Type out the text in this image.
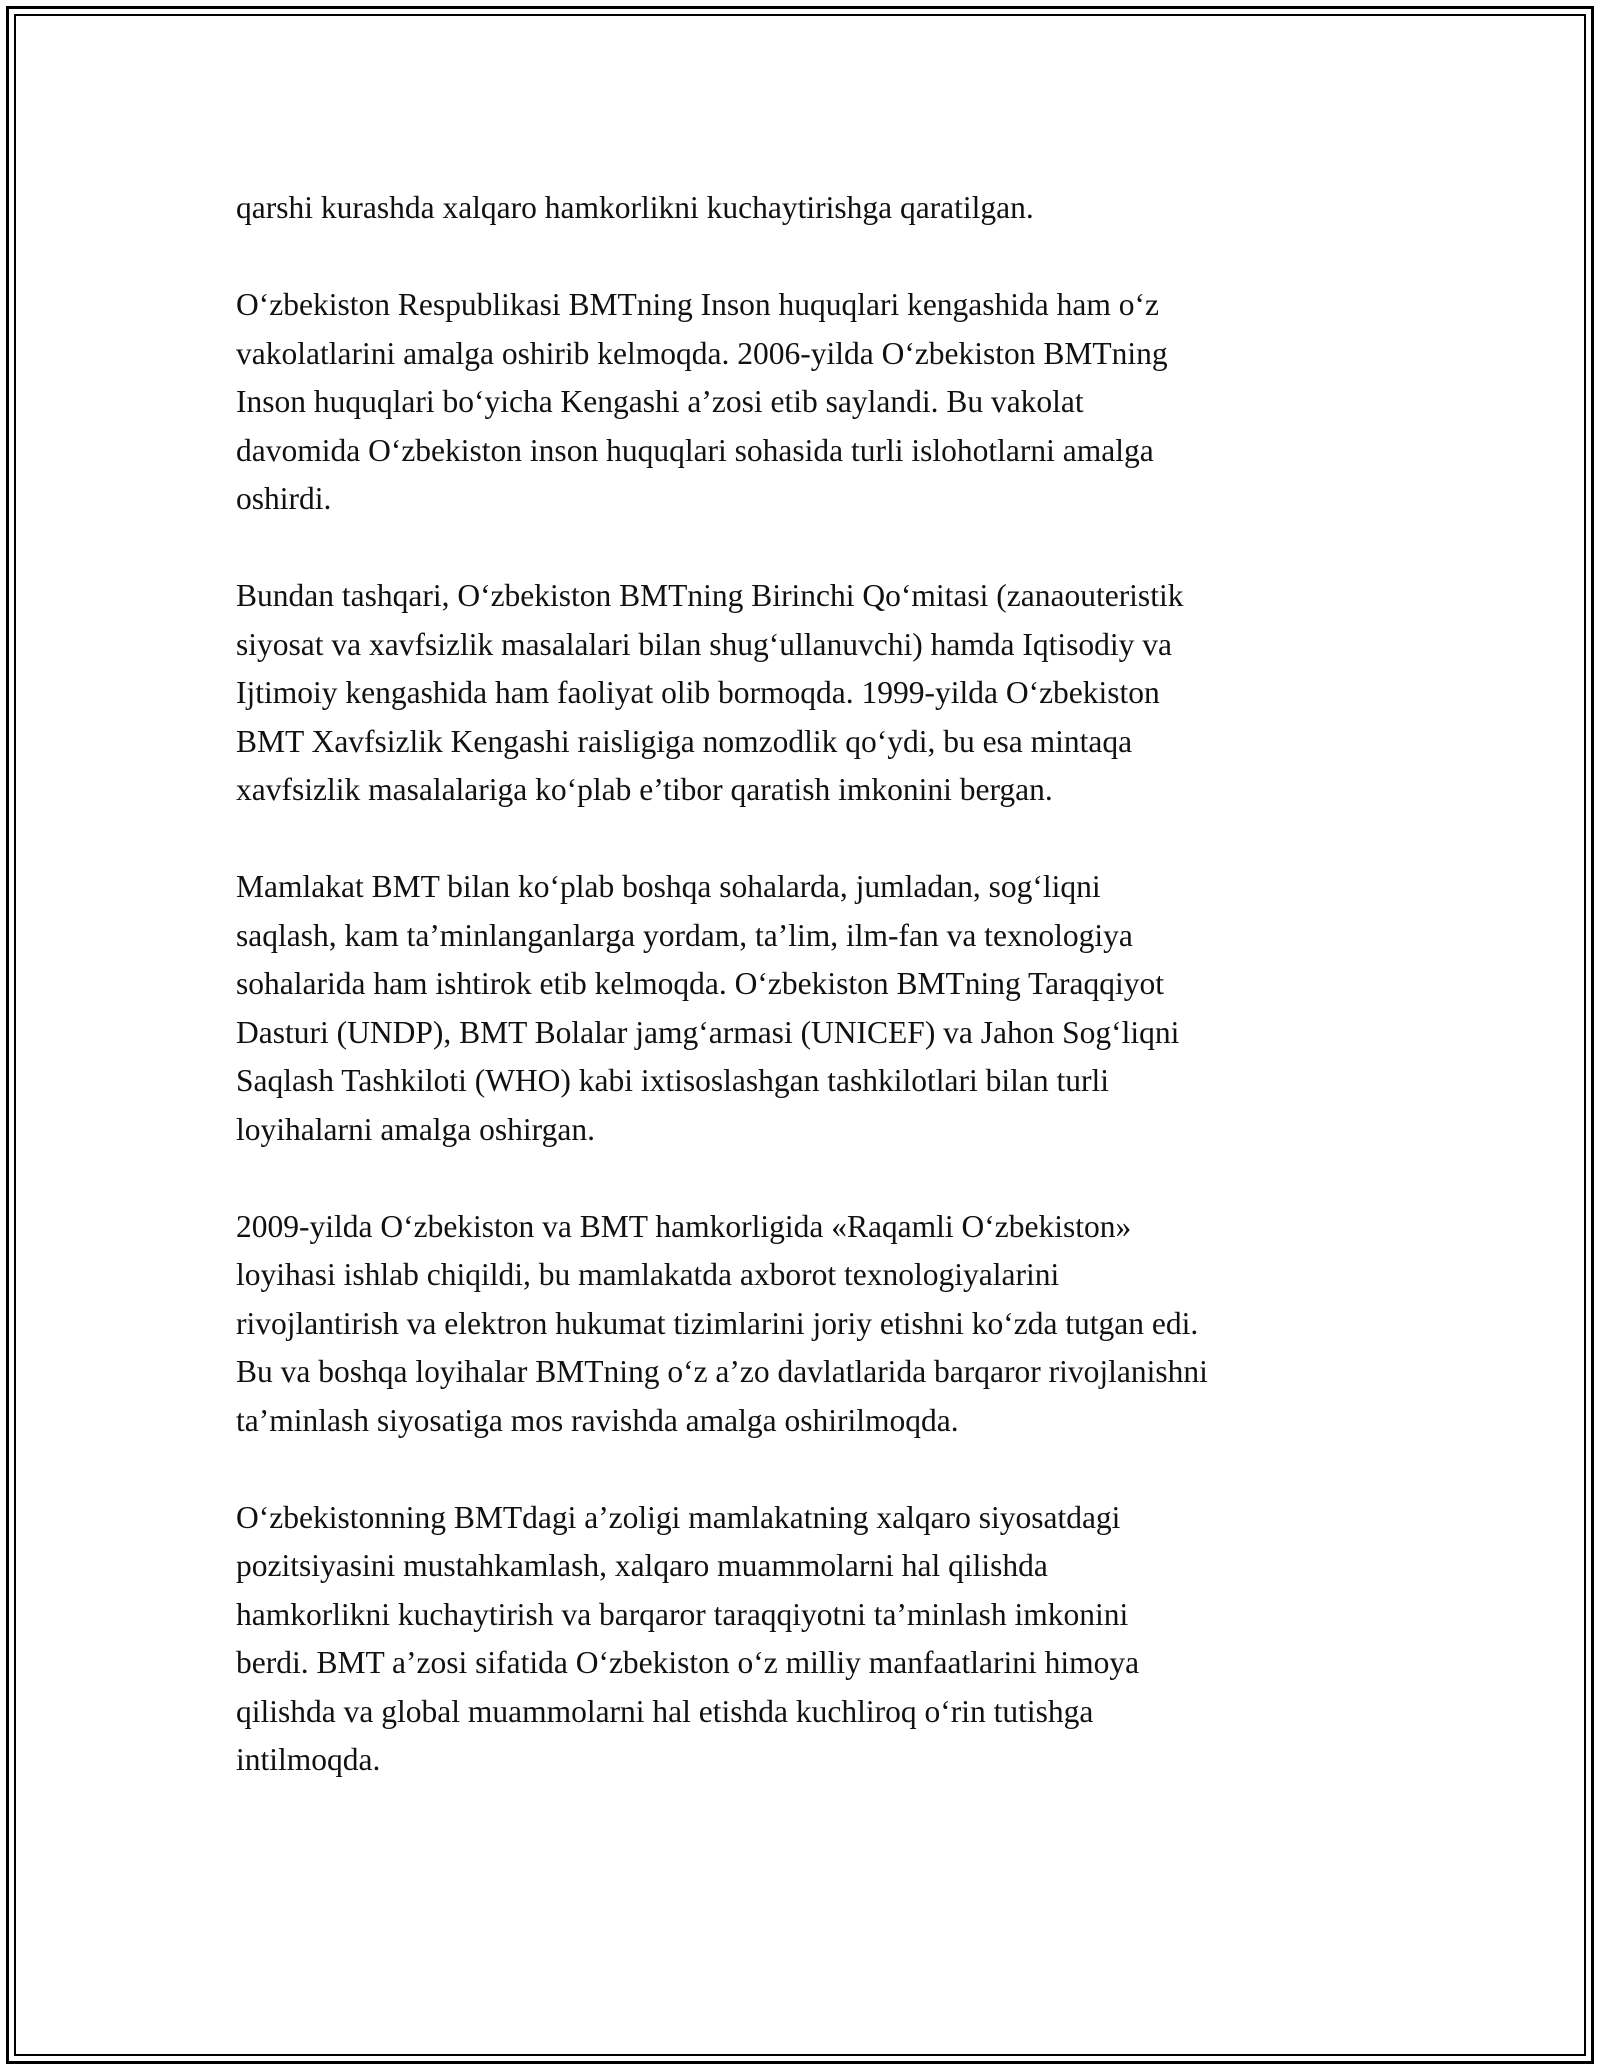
qarshi kurashda xalqaro hamkorlikni kuchaytirishga qaratilgan.

O‘zbekiston Respublikasi BMTning Inson huquqlari kengashida ham o‘z
vakolatlarini amalga oshirib kelmoqda. 2006-yilda O‘zbekiston BMTning
Inson huquqlari bo‘yicha Kengashi a’zosi etib saylandi. Bu vakolat
davomida O‘zbekiston inson huquqlari sohasida turli islohotlarni amalga
oshirdi.

Bundan tashqari, O‘zbekiston BMTning Birinchi Qo‘mitasi (zanaouteristik
siyosat va xavfsizlik masalalari bilan shug‘ullanuvchi) hamda Iqtisodiy va
Ijtimoiy kengashida ham faoliyat olib bormoqda. 1999-yilda O‘zbekiston
BMT Xavfsizlik Kengashi raisligiga nomzodlik qo‘ydi, bu esa mintaqa
xavfsizlik masalalariga ko‘plab e’tibor qaratish imkonini bergan.

Mamlakat BMT bilan ko‘plab boshqa sohalarda, jumladan, sog‘liqni
saqlash, kam ta’minlanganlarga yordam, ta’lim, ilm-fan va texnologiya
sohalarida ham ishtirok etib kelmoqda. O‘zbekiston BMTning Taraqqiyot
Dasturi (UNDP), BMT Bolalar jamg‘armasi (UNICEF) va Jahon Sog‘liqni
Saqlash Tashkiloti (WHO) kabi ixtisoslashgan tashkilotlari bilan turli
loyihalarni amalga oshirgan.

2009-yilda O‘zbekiston va BMT hamkorligida «Raqamli O‘zbekiston»
loyihasi ishlab chiqildi, bu mamlakatda axborot texnologiyalarini
rivojlantirish va elektron hukumat tizimlarini joriy etishni ko‘zda tutgan edi.
Bu va boshqa loyihalar BMTning o‘z a’zo davlatlarida barqaror rivojlanishni
ta’minlash siyosatiga mos ravishda amalga oshirilmoqda.

O‘zbekistonning BMTdagi a’zoligi mamlakatning xalqaro siyosatdagi
pozitsiyasini mustahkamlash, xalqaro muammolarni hal qilishda
hamkorlikni kuchaytirish va barqaror taraqqiyotni ta’minlash imkonini
berdi. BMT a’zosi sifatida O‘zbekiston o‘z milliy manfaatlarini himoya
qilishda va global muammolarni hal etishda kuchliroq o‘rin tutishga
intilmoqda.
